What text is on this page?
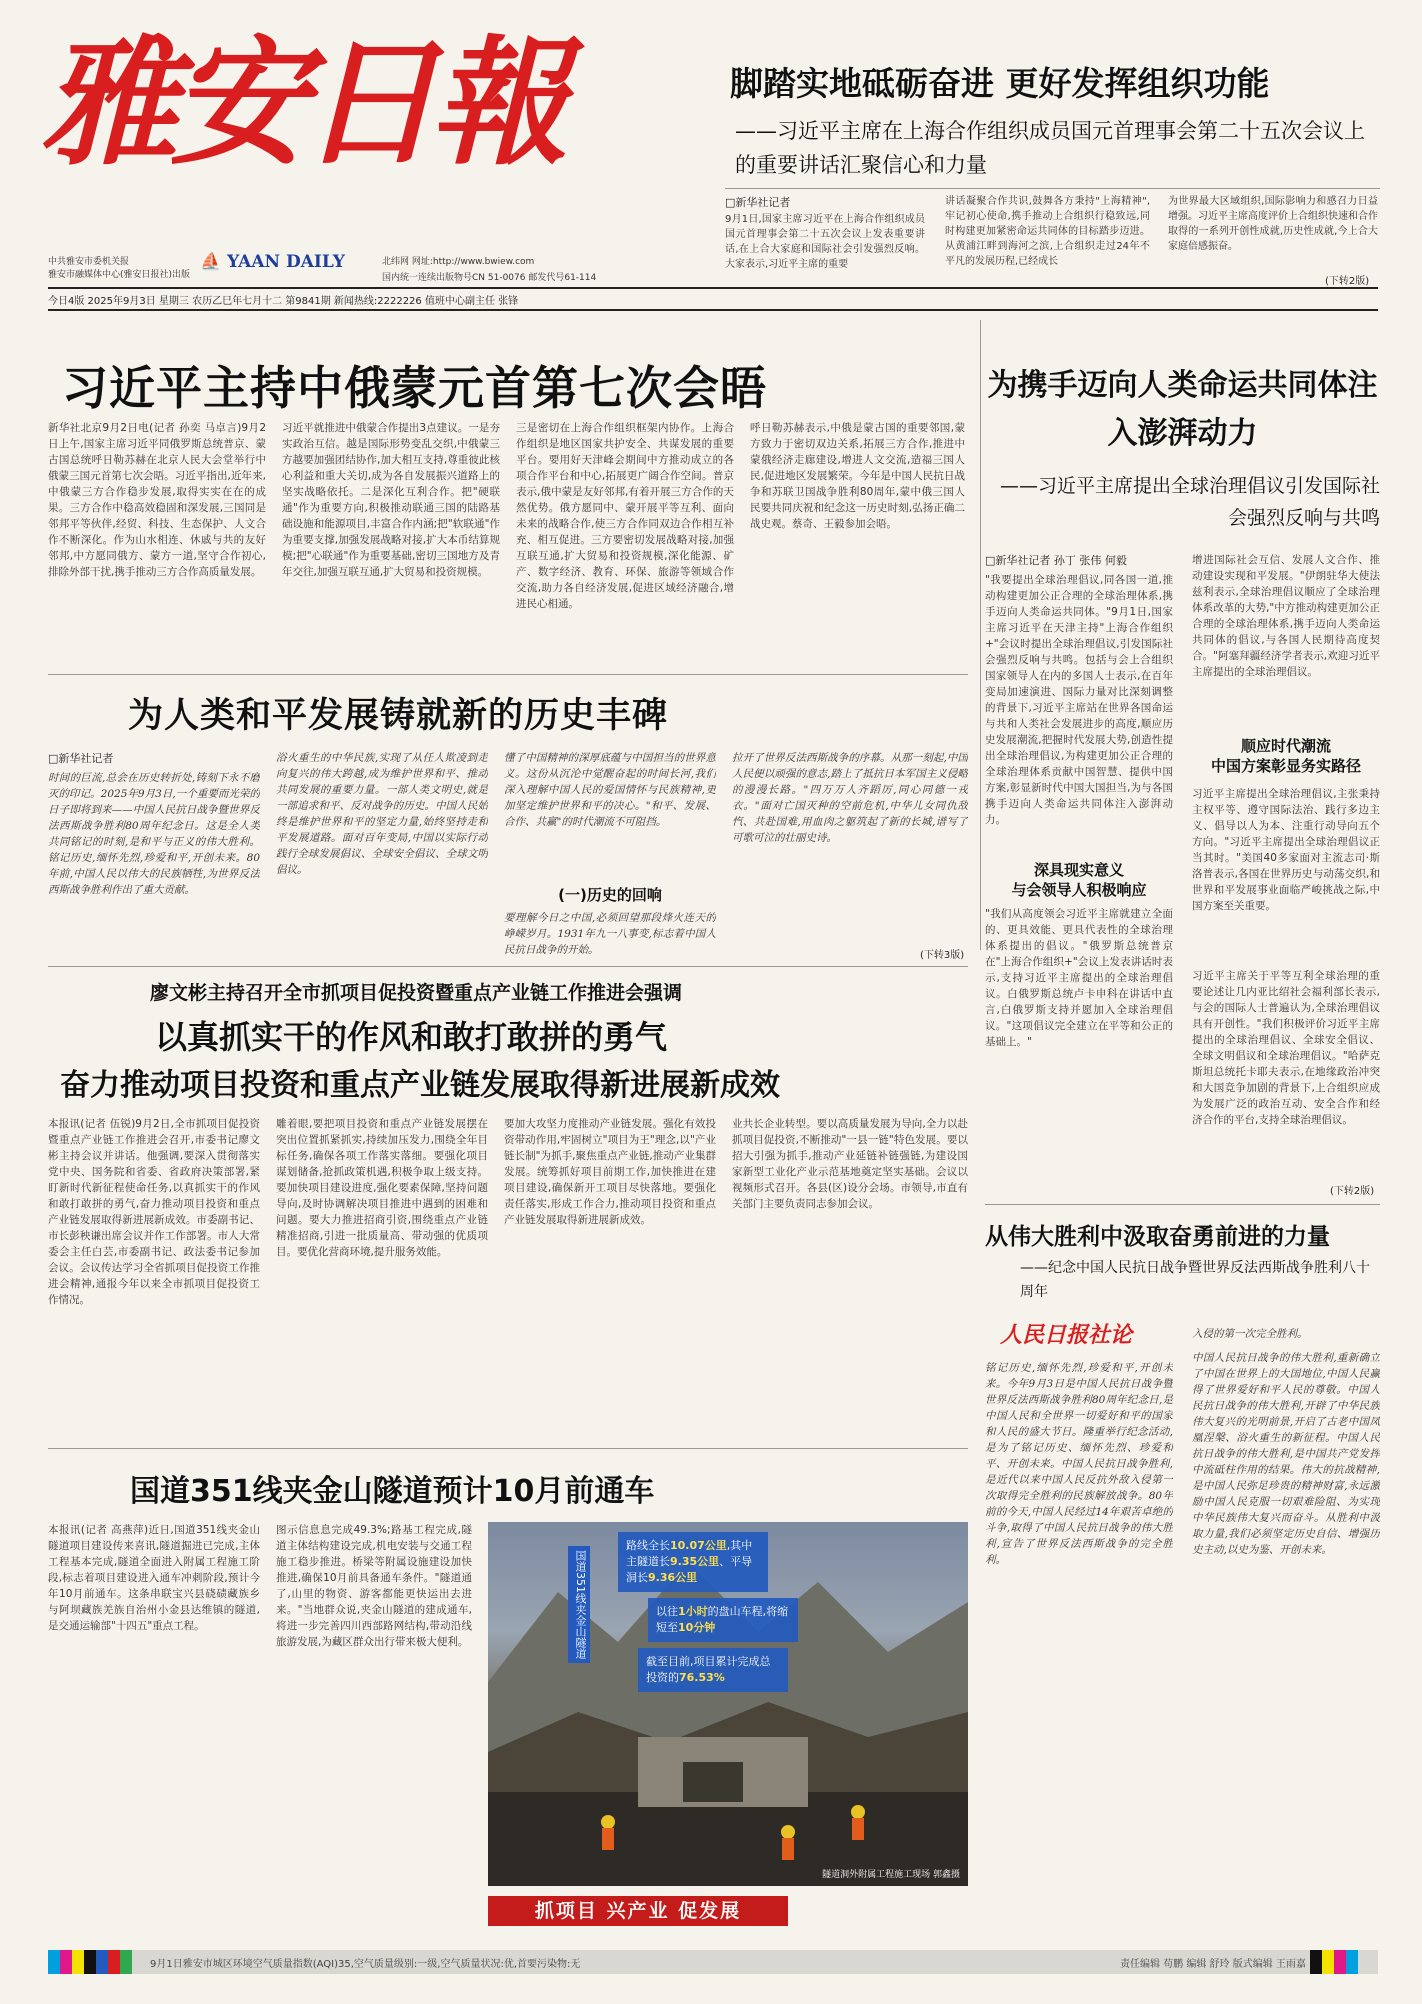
雅安日報
中共雅安市委机关报
雅安市融媒体中心(雅安日报社)出版
⛵ YAAN DAILY	北纬网 网址:http://www.bwiew.com
国内统一连续出版物号CN 51-0076 邮发代号61-114
今日4版 2025年9月3日 星期三 农历乙巳年七月十二 第9841期 新闻热线:2222226 值班中心副主任 张锋
脚踏实地砥砺奋进 更好发挥组织功能
——习近平主席在上海合作组织成员国元首理事会第二十五次会议上的重要讲话汇聚信心和力量
□新华社记者
9月1日,国家主席习近平在上海合作组织成员国元首理事会第二十五次会议上发表重要讲话,在上合大家庭和国际社会引发强烈反响。大家表示,习近平主席的重要
讲话凝聚合作共识,鼓舞各方秉持"上海精神",牢记初心使命,携手推动上合组织行稳致远,同时构建更加紧密命运共同体的目标踏步迈进。从黄浦江畔到海河之滨,上合组织走过24年不平凡的发展历程,已经成长
为世界最大区域组织,国际影响力和感召力日益增强。习近平主席高度评价上合组织快速和合作取得的一系列开创性成就,历史性成就,今上合大家庭倍感振奋。
(下转2版)
习近平主持中俄蒙元首第七次会晤
新华社北京9月2日电(记者 孙奕 马卓言)9月2日上午,国家主席习近平同俄罗斯总统普京、蒙古国总统呼日勒苏赫在北京人民大会堂举行中俄蒙三国元首第七次会晤。习近平指出,近年来,中俄蒙三方合作稳步发展,取得实实在在的成果。三方合作中稳高效稳固和深发展,三国同是邻邦平等伙伴,经贸、科技、生态保护、人文合作不断深化。作为山水相连、休戚与共的友好邻邦,中方愿同俄方、蒙方一道,坚守合作初心,排除外部干扰,携手推动三方合作高质量发展。
习近平就推进中俄蒙合作提出3点建议。一是夯实政治互信。越是国际形势变乱交织,中俄蒙三方越要加强团结协作,加大相互支持,尊重彼此核心利益和重大关切,成为各自发展振兴道路上的坚实战略依托。二是深化互利合作。把"硬联通"作为重要方向,积极推动联通三国的陆路基础设施和能源项目,丰富合作内涵;把"软联通"作为重要支撑,加强发展战略对接,扩大本币结算规模;把"心联通"作为重要基础,密切三国地方及青年交往,加强互联互通,扩大贸易和投资规模。
三是密切在上海合作组织框架内协作。上海合作组织是地区国家共护安全、共谋发展的重要平台。要用好天津峰会期间中方推动成立的各项合作平台和中心,拓展更广阔合作空间。普京表示,俄中蒙是友好邻邦,有着开展三方合作的天然优势。俄方愿同中、蒙开展平等互利、面向未来的战略合作,使三方合作同双边合作相互补充、相互促进。三方要密切发展战略对接,加强互联互通,扩大贸易和投资规模,深化能源、矿产、数字经济、教育、环保、旅游等领域合作交流,助力各自经济发展,促进区域经济融合,增进民心相通。
呼日勒苏赫表示,中俄是蒙古国的重要邻国,蒙方致力于密切双边关系,拓展三方合作,推进中蒙俄经济走廊建设,增进人文交流,造福三国人民,促进地区发展繁荣。今年是中国人民抗日战争和苏联卫国战争胜利80周年,蒙中俄三国人民要共同庆祝和纪念这一历史时刻,弘扬正确二战史观。蔡奇、王毅参加会晤。
为携手迈向人类命运共同体注入澎湃动力
——习近平主席提出全球治理倡议引发国际社会强烈反响与共鸣
□新华社记者 孙丁 张伟 何毅
"我要提出全球治理倡议,同各国一道,推动构建更加公正合理的全球治理体系,携手迈向人类命运共同体。"9月1日,国家主席习近平在天津主持"上海合作组织+"会议时提出全球治理倡议,引发国际社会强烈反响与共鸣。包括与会上合组织国家领导人在内的多国人士表示,在百年变局加速演进、国际力量对比深刻调整的背景下,习近平主席站在世界各国命运与共和人类社会发展进步的高度,顺应历史发展潮流,把握时代发展大势,创造性提出全球治理倡议,为构建更加公正合理的全球治理体系贡献中国智慧、提供中国方案,彰显新时代中国大国担当,为与各国携手迈向人类命运共同体注入澎湃动力。
增进国际社会互信、发展人文合作、推动建设实现和平发展。"伊朗驻华大使法兹利表示,全球治理倡议顺应了全球治理体系改革的大势,"中方推动构建更加公正合理的全球治理体系,携手迈向人类命运共同体的倡议,与各国人民期待高度契合。"阿塞拜疆经济学者表示,欢迎习近平主席提出的全球治理倡议。
顺应时代潮流
中国方案彰显务实路径
习近平主席提出全球治理倡议,主张秉持主权平等、遵守国际法治、践行多边主义、倡导以人为本、注重行动导向五个方向。"习近平主席提出全球治理倡议正当其时。"美国40多家面对主流志司·斯洛普表示,各国在世界历史与动荡交织,和世界和平发展事业面临严峻挑战之际,中国方案至关重要。
深具现实意义
与会领导人积极响应
"我们从高度领会习近平主席就建立全面的、更具效能、更具代表性的全球治理体系提出的倡议。"俄罗斯总统普京在"上海合作组织+"会议上发表讲话时表示,支持习近平主席提出的全球治理倡议。白俄罗斯总统卢卡申科在讲话中直言,白俄罗斯支持并愿加入全球治理倡议。"这项倡议完全建立在平等和公正的基础上。"
习近平主席关于平等互利全球治理的重要论述让几内亚比绍社会福利部长表示,与会的国际人士普遍认为,全球治理倡议具有开创性。"我们积极评价习近平主席提出的全球治理倡议、全球安全倡议、全球文明倡议和全球治理倡议。"哈萨克斯坦总统托卡耶夫表示,在地缘政治冲突和大国竞争加剧的背景下,上合组织应成为发展广泛的政治互动、安全合作和经济合作的平台,支持全球治理倡议。
(下转2版)
为人类和平发展铸就新的历史丰碑
□新华社记者
时间的巨流,总会在历史转折处,铸刻下永不磨灭的印记。2025年9月3日,一个重要而光荣的日子即将到来——中国人民抗日战争暨世界反法西斯战争胜利80周年纪念日。这是全人类共同铭记的时刻,是和平与正义的伟大胜利。铭记历史,缅怀先烈,珍爱和平,开创未来。80年前,中国人民以伟大的民族牺牲,为世界反法西斯战争胜利作出了重大贡献。
浴火重生的中华民族,实现了从任人欺凌到走向复兴的伟大跨越,成为维护世界和平、推动共同发展的重要力量。一部人类文明史,就是一部追求和平、反对战争的历史。中国人民始终是维护世界和平的坚定力量,始终坚持走和平发展道路。面对百年变局,中国以实际行动践行全球发展倡议、全球安全倡议、全球文明倡议。
懂了中国精神的深厚底蕴与中国担当的世界意义。这份从沉沦中觉醒奋起的时间长河,我们深入理解中国人民的爱国情怀与民族精神,更加坚定维护世界和平的决心。"和平、发展、合作、共赢"的时代潮流不可阻挡。
(一)历史的回响
要理解今日之中国,必须回望那段烽火连天的峥嵘岁月。1931年九一八事变,标志着中国人民抗日战争的开始。
拉开了世界反法西斯战争的序幕。从那一刻起,中国人民便以顽强的意志,踏上了抵抗日本军国主义侵略的漫漫长路。"四万万人齐蹈厉,同心同德一戎衣。"面对亡国灭种的空前危机,中华儿女同仇敌忾、共赴国难,用血肉之躯筑起了新的长城,谱写了可歌可泣的壮丽史诗。
(下转3版)
廖文彬主持召开全市抓项目促投资暨重点产业链工作推进会强调
以真抓实干的作风和敢打敢拼的勇气
奋力推动项目投资和重点产业链发展取得新进展新成效
本报讯(记者 伍锐)9月2日,全市抓项目促投资暨重点产业链工作推进会召开,市委书记廖文彬主持会议并讲话。他强调,要深入贯彻落实党中央、国务院和省委、省政府决策部署,紧盯新时代新征程使命任务,以真抓实干的作风和敢打敢拼的勇气,奋力推动项目投资和重点产业链发展取得新进展新成效。市委副书记、市长彭秧谦出席会议并作工作部署。市人大常委会主任白芸,市委副书记、政法委书记参加会议。会议传达学习全省抓项目促投资工作推进会精神,通报今年以来全市抓项目促投资工作情况。
雕着眼,要把项目投资和重点产业链发展摆在突出位置抓紧抓实,持续加压发力,围绕全年目标任务,确保各项工作落实落细。要强化项目谋划储备,抢抓政策机遇,积极争取上级支持。要加快项目建设进度,强化要素保障,坚持问题导向,及时协调解决项目推进中遇到的困难和问题。要大力推进招商引资,围绕重点产业链精准招商,引进一批质量高、带动强的优质项目。要优化营商环境,提升服务效能。
要加大攻坚力度推动产业链发展。强化有效投资带动作用,牢固树立"项目为王"理念,以"产业链长制"为抓手,聚焦重点产业链,推动产业集群发展。统筹抓好项目前期工作,加快推进在建项目建设,确保新开工项目尽快落地。要强化责任落实,形成工作合力,推动项目投资和重点产业链发展取得新进展新成效。
业共长企业转型。要以高质量发展为导向,全力以赴抓项目促投资,不断推动"一县一链"特色发展。要以招大引强为抓手,推动产业延链补链强链,为建设国家新型工业化产业示范基地奠定坚实基础。会议以视频形式召开。各县(区)设分会场。市领导,市直有关部门主要负责同志参加会议。
国道351线夹金山隧道预计10月前通车
本报讯(记者 高燕萍)近日,国道351线夹金山隧道项目建设传来喜讯,隧道掘进已完成,主体工程基本完成,隧道全面进入附属工程施工阶段,标志着项目建设进入通车冲刺阶段,预计今年10月前通车。这条串联宝兴县硗碛藏族乡与阿坝藏族羌族自治州小金县达维镇的隧道,是交通运输部"十四五"重点工程。
图示信息息完成49.3%;路基工程完成,隧道主体结构建设完成,机电安装与交通工程施工稳步推进。桥梁等附属设施建设加快推进,确保10月前具备通车条件。"隧道通了,山里的物资、游客都能更快运出去进来。"当地群众说,夹金山隧道的建成通车,将进一步完善四川西部路网结构,带动沿线旅游发展,为藏区群众出行带来极大便利。	国道351线夹金山隧道
路线全长10.07公里,其中主隧道长9.35公里、平导洞长9.36公里
以往1小时的盘山车程,将缩短至10分钟
截至目前,项目累计完成总投资的76.53%
隧道洞外附属工程施工现场 郭鑫摄
抓项目 兴产业 促发展
从伟大胜利中汲取奋勇前进的力量
——纪念中国人民抗日战争暨世界反法西斯战争胜利八十周年
人民日报社论	入侵的第一次完全胜利。
铭记历史,缅怀先烈,珍爱和平,开创未来。今年9月3日是中国人民抗日战争暨世界反法西斯战争胜利80周年纪念日,是中国人民和全世界一切爱好和平的国家和人民的盛大节日。隆重举行纪念活动,是为了铭记历史、缅怀先烈、珍爱和平、开创未来。中国人民抗日战争胜利,是近代以来中国人民反抗外敌入侵第一次取得完全胜利的民族解放战争。80年前的今天,中国人民经过14年艰苦卓绝的斗争,取得了中国人民抗日战争的伟大胜利,宣告了世界反法西斯战争的完全胜利。
中国人民抗日战争的伟大胜利,重新确立了中国在世界上的大国地位,中国人民赢得了世界爱好和平人民的尊敬。中国人民抗日战争的伟大胜利,开辟了中华民族伟大复兴的光明前景,开启了古老中国凤凰涅槃、浴火重生的新征程。中国人民抗日战争的伟大胜利,是中国共产党发挥中流砥柱作用的结果。伟大的抗战精神,是中国人民弥足珍贵的精神财富,永远激励中国人民克服一切艰难险阻、为实现中华民族伟大复兴而奋斗。从胜利中汲取力量,我们必须坚定历史自信、增强历史主动,以史为鉴、开创未来。
9月1日雅安市城区环境空气质量指数(AQI)35,空气质量级别:一级,空气质量状况:优,首要污染物:无	责任编辑 苟鹏 编辑 舒玲 版式编辑 王雨嘉
